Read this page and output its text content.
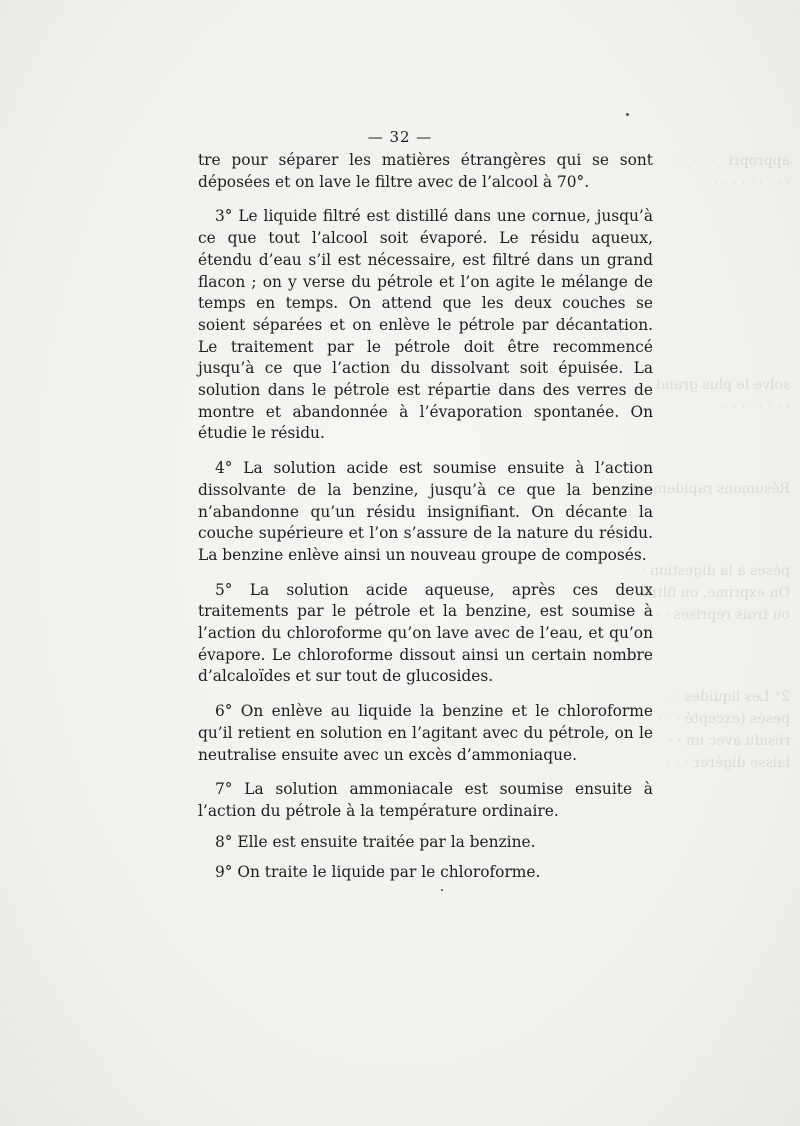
appropri · · · · · ·
· · · · · · · · ·
solve le plus grand
· · · · · · · ·
Résumons rapidement · ·
pèses à la digestion · ·
On exprime, on filtre · ·
ou trois reprises · · ·
2° Les liquides · ·
pesés (excepté · · ·
résidu avec un · ·
laisse digérer · · ·
— 32 —

tre pour séparer les matières étrangères qui se sont déposées et on lave le filtre avec de l’alcool à 70°.

3° Le liquide filtré est distillé dans une cornue, jusqu’à ce que tout l’alcool soit évaporé. Le résidu aqueux, étendu d’eau s’il est nécessaire, est filtré dans un grand flacon ; on y verse du pétrole et l’on agite le mélange de temps en temps. On attend que les deux couches se soient séparées et on enlève le pétrole par décantation. Le traitement par le pétrole doit être recommencé jusqu’à ce que l’action du dissolvant soit épuisée. La solution dans le pétrole est répartie dans des verres de montre et abandonnée à l’évaporation spontanée. On étudie le résidu.

4° La solution acide est soumise ensuite à l’action dissolvante de la benzine, jusqu’à ce que la benzine n’abandonne qu’un résidu insignifiant. On décante la couche supérieure et l’on s’assure de la nature du résidu. La benzine enlève ainsi un nouveau groupe de composés.

5° La solution acide aqueuse, après ces deux traitements par le pétrole et la benzine, est soumise à l’action du chloroforme qu’on lave avec de l’eau, et qu’on évapore. Le chloroforme dissout ainsi un certain nombre d’alcaloïdes et sur tout de glucosides.

6° On enlève au liquide la benzine et le chloroforme qu’il retient en solution en l’agitant avec du pétrole, on le neutralise ensuite avec un excès d’ammoniaque.

7° La solution ammoniacale est soumise ensuite à l’action du pétrole à la température ordinaire.

8° Elle est ensuite traitée par la benzine.

9° On traite le liquide par le chloroforme.
